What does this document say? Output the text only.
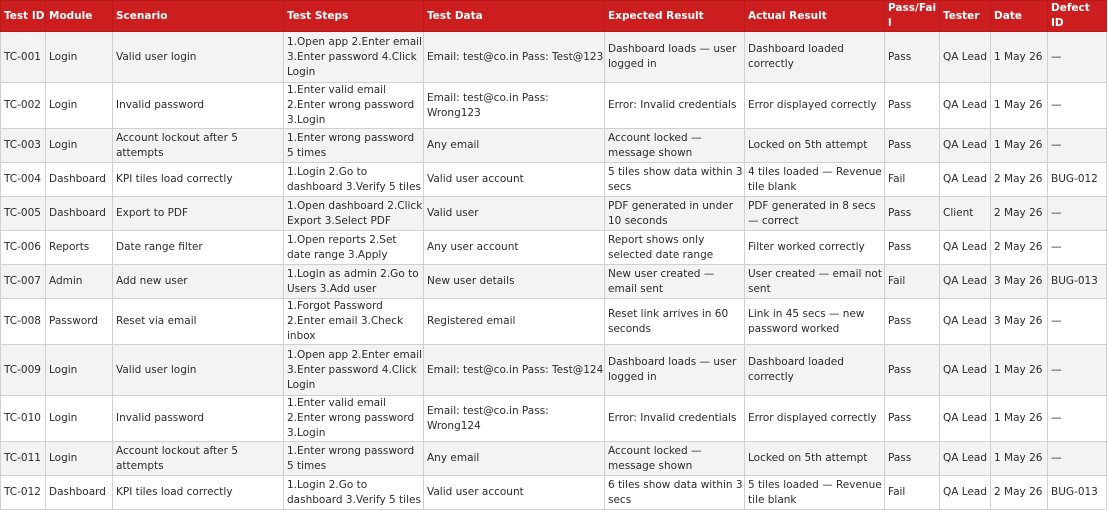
Test ID	Module	Scenario	Test Steps	Test Data	Expected Result	Actual Result	Pass/Fail	Tester	Date	Defect ID
TC-001	Login	Valid user login	1.Open app 2.Enter email 3.Enter password 4.Click Login	Email: test@co.in Pass: Test@123	Dashboard loads — user logged in	Dashboard loaded correctly	Pass	QA Lead	1 May 26	—
TC-002	Login	Invalid password	1.Enter valid email 2.Enter wrong password 3.Login	Email: test@co.in Pass: Wrong123	Error: Invalid credentials	Error displayed correctly	Pass	QA Lead	1 May 26	—
TC-003	Login	Account lockout after 5 attempts	1.Enter wrong password 5 times	Any email	Account locked — message shown	Locked on 5th attempt	Pass	QA Lead	1 May 26	—
TC-004	Dashboard	KPI tiles load correctly	1.Login 2.Go to dashboard 3.Verify 5 tiles	Valid user account	5 tiles show data within 3 secs	4 tiles loaded — Revenue tile blank	Fail	QA Lead	2 May 26	BUG-012
TC-005	Dashboard	Export to PDF	1.Open dashboard 2.Click Export 3.Select PDF	Valid user	PDF generated in under 10 seconds	PDF generated in 8 secs — correct	Pass	Client	2 May 26	—
TC-006	Reports	Date range filter	1.Open reports 2.Set date range 3.Apply	Any user account	Report shows only selected date range	Filter worked correctly	Pass	QA Lead	2 May 26	—
TC-007	Admin	Add new user	1.Login as admin 2.Go to Users 3.Add user	New user details	New user created — email sent	User created — email not sent	Fail	QA Lead	3 May 26	BUG-013
TC-008	Password	Reset via email	1.Forgot Password 2.Enter email 3.Check inbox	Registered email	Reset link arrives in 60 seconds	Link in 45 secs — new password worked	Pass	QA Lead	3 May 26	—
TC-009	Login	Valid user login	1.Open app 2.Enter email 3.Enter password 4.Click Login	Email: test@co.in Pass: Test@124	Dashboard loads — user logged in	Dashboard loaded correctly	Pass	QA Lead	1 May 26	—
TC-010	Login	Invalid password	1.Enter valid email 2.Enter wrong password 3.Login	Email: test@co.in Pass: Wrong124	Error: Invalid credentials	Error displayed correctly	Pass	QA Lead	1 May 26	—
TC-011	Login	Account lockout after 5 attempts	1.Enter wrong password 5 times	Any email	Account locked — message shown	Locked on 5th attempt	Pass	QA Lead	1 May 26	—
TC-012	Dashboard	KPI tiles load correctly	1.Login 2.Go to dashboard 3.Verify 5 tiles	Valid user account	6 tiles show data within 3 secs	5 tiles loaded — Revenue tile blank	Fail	QA Lead	2 May 26	BUG-013
